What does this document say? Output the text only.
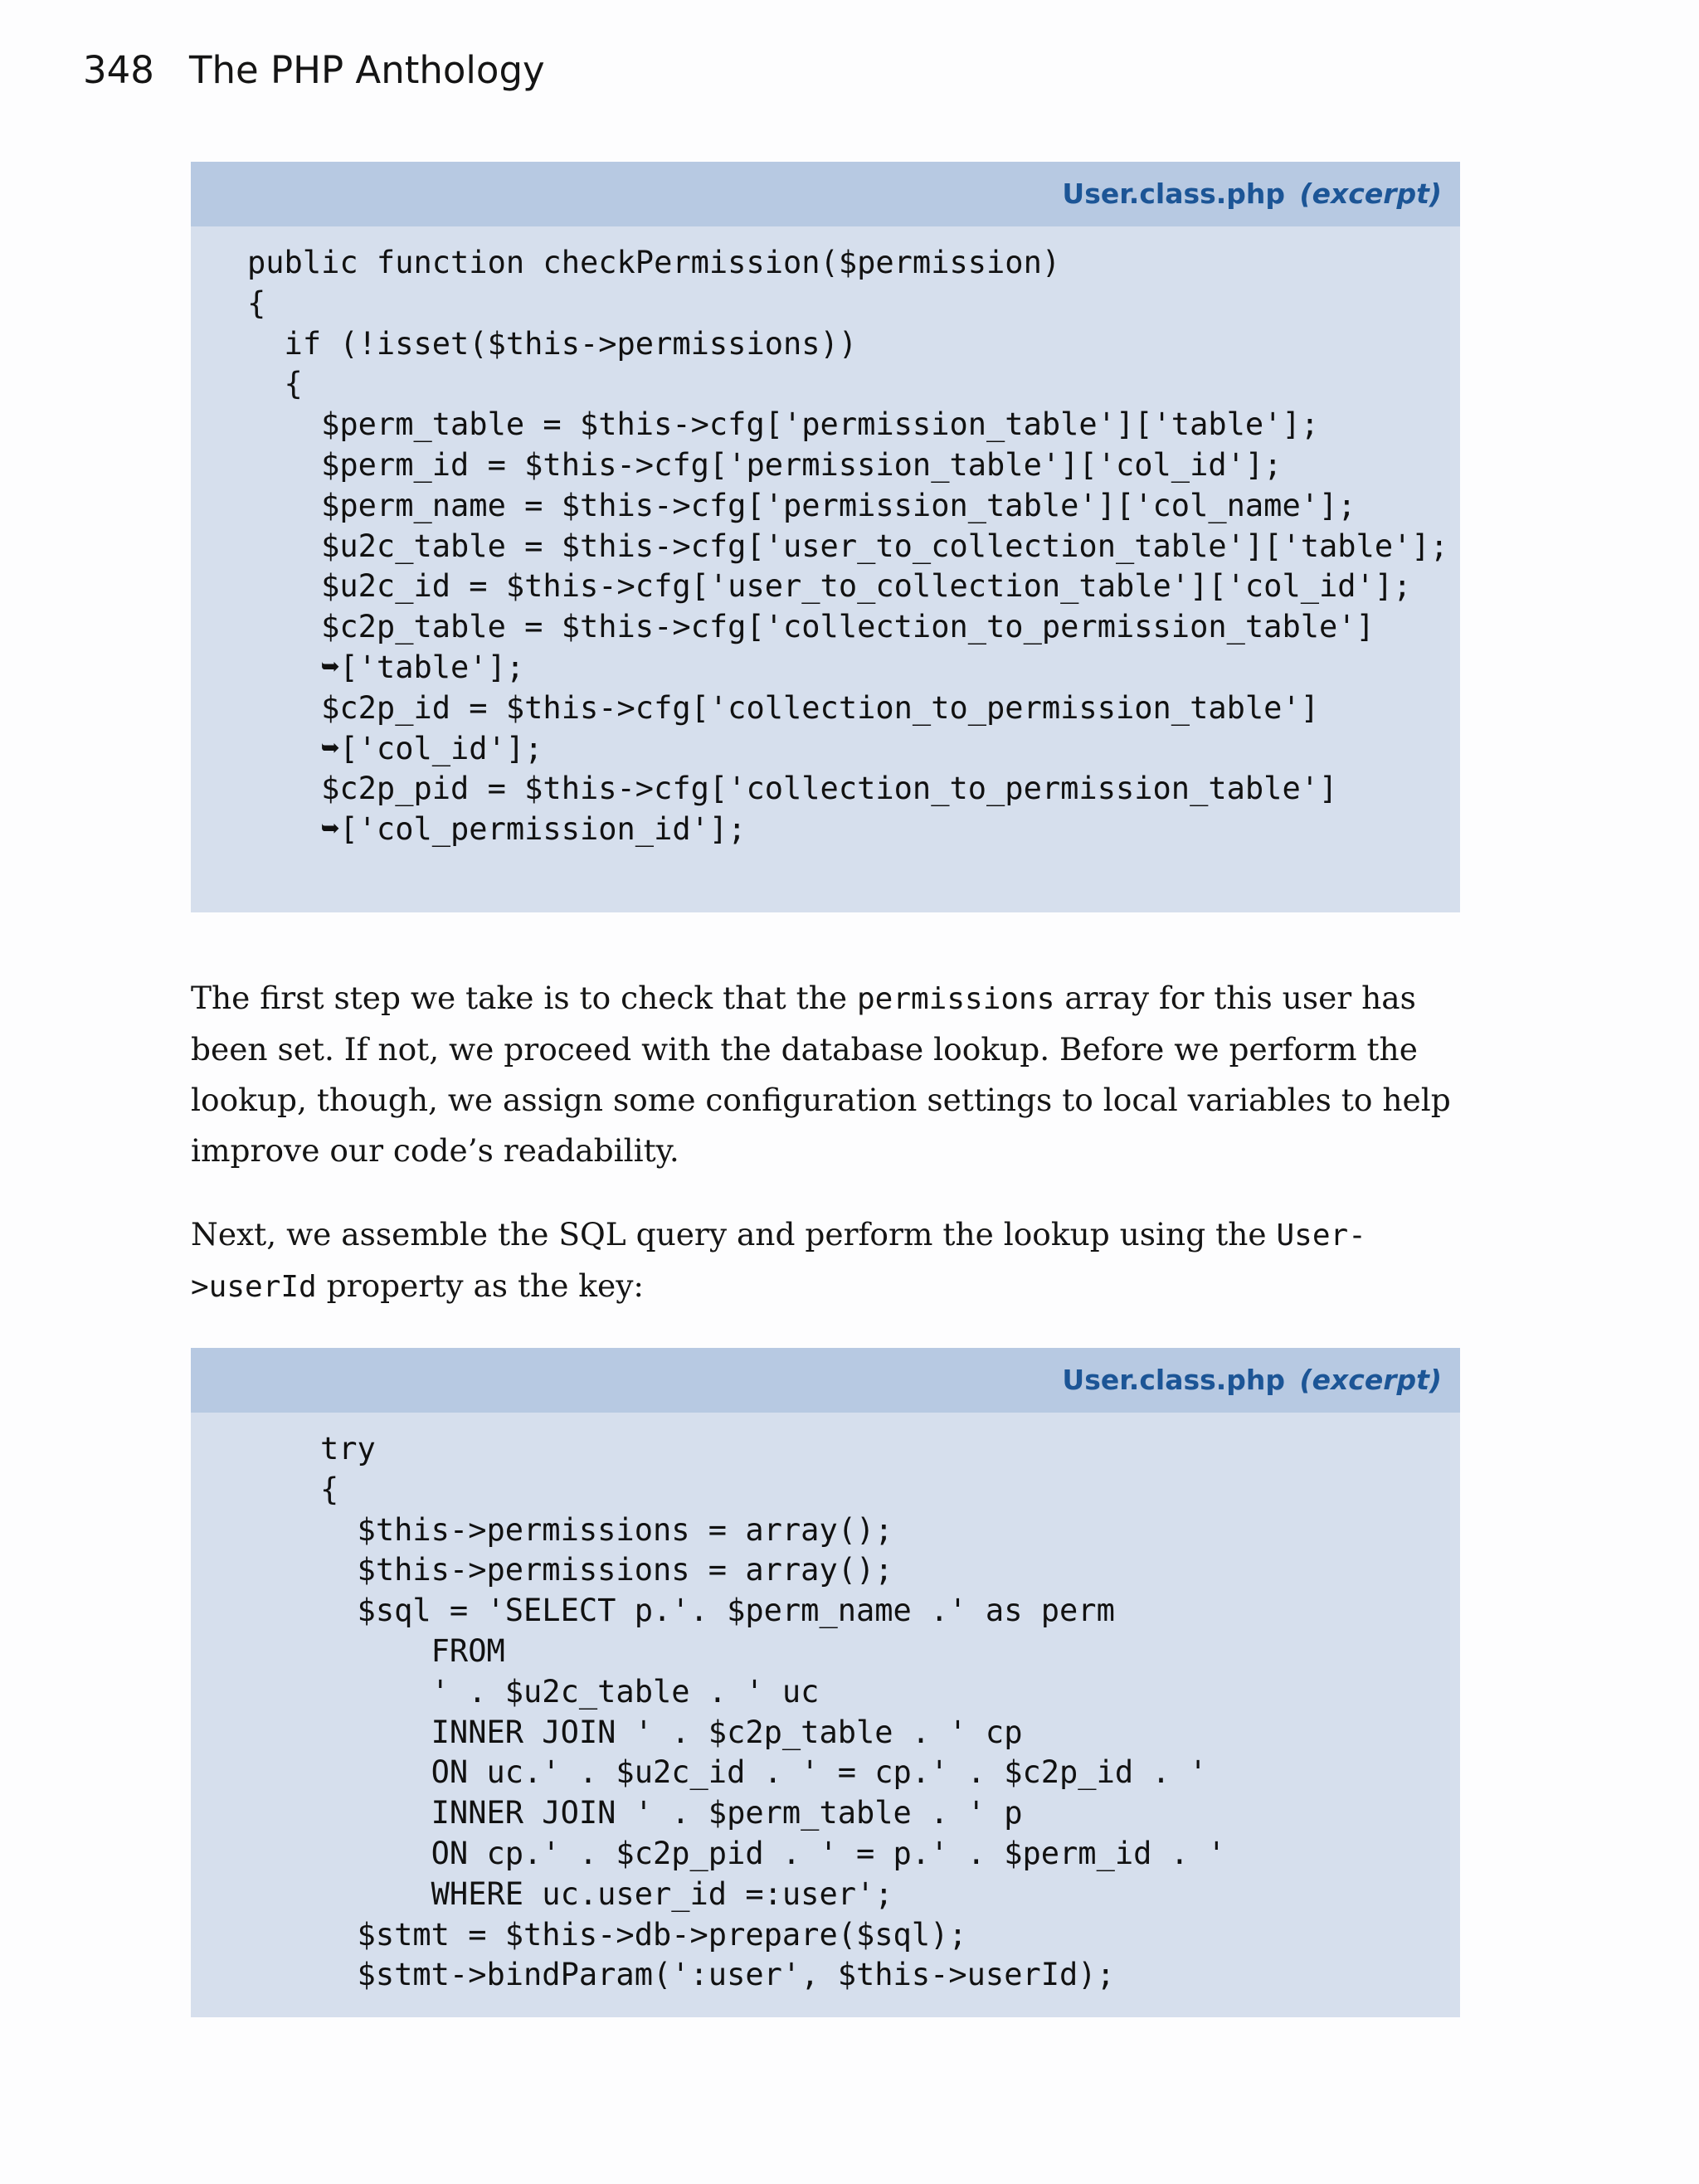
348 The PHP Anthology
User.class.php (excerpt)
public function checkPermission($permission)
{
if (!isset($this->permissions))
{
$perm_table = $this->cfg['permission_table']['table'];
$perm_id = $this->cfg['permission_table']['col_id'];
$perm_name = $this->cfg['permission_table']['col_name'];
$u2c_table = $this->cfg['user_to_collection_table']['table'];
$u2c_id = $this->cfg['user_to_collection_table']['col_id'];
$c2p_table = $this->cfg['collection_to_permission_table']
➥['table'];
$c2p_id = $this->cfg['collection_to_permission_table']
➥['col_id'];
$c2p_pid = $this->cfg['collection_to_permission_table']
➥['col_permission_id'];

The first step we take is to check that the permissions array for this user has been set. If not, we proceed with the database lookup. Before we perform the lookup, though, we assign some configuration settings to local variables to help improve our code’s readability.

Next, we assemble the SQL query and perform the lookup using the User->userId property as the key:

User.class.php (excerpt)
try
{
$this->permissions = array();
$this->permissions = array();
$sql = 'SELECT p.'. $perm_name .' as perm
FROM
' . $u2c_table . ' uc
INNER JOIN ' . $c2p_table . ' cp
ON uc.' . $u2c_id . ' = cp.' . $c2p_id . '
INNER JOIN ' . $perm_table . ' p
ON cp.' . $c2p_pid . ' = p.' . $perm_id . '
WHERE uc.user_id =:user';
$stmt = $this->db->prepare($sql);
$stmt->bindParam(':user', $this->userId);
